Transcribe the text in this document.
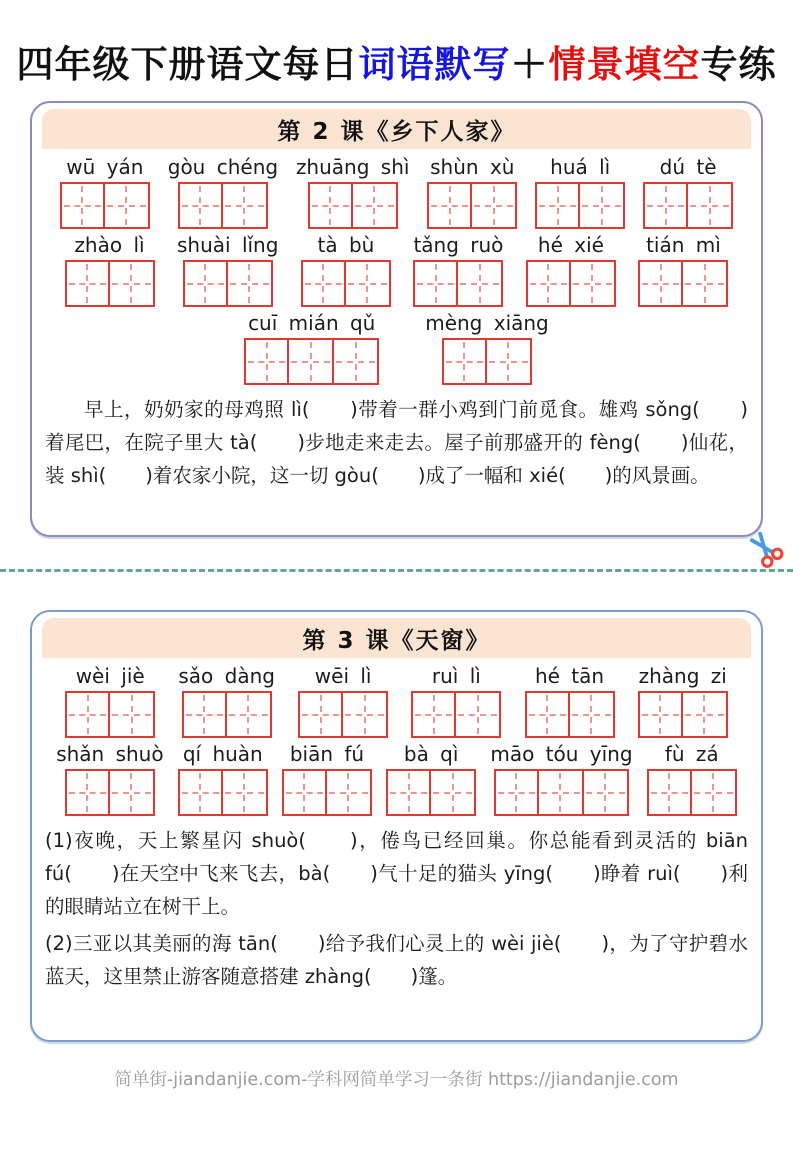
四年级下册语文每日词语默写＋情景填空专练
第 2 课《乡下人家》
wū yán gòu chéng zhuāng shì shùn xù huá lì dú tè
zhào lì shuài lǐng tà bù tǎng ruò hé xié tián mì
cuī mián qǔ mèng xiāng

早上，奶奶家的母鸡照 lì(　　)带着一群小鸡到门前觅食。雄鸡 sǒng(　　)着尾巴，在院子里大 tà(　　)步地走来走去。屋子前那盛开的 fèng(　　)仙花，装 shì(　　)着农家小院，这一切 gòu(　　)成了一幅和 xié(　　)的风景画。

第 3 课《天窗》
wèi jiè sǎo dàng wēi lì	ruì lì	hé tān zhàng zi
shǎn shuò qí huàn biān fú bà qì māo tóu yīng fù zá

(1)夜晚，天上繁星闪 shuò(　　)，倦鸟已经回巢。你总能看到灵活的 biān fú(　　)在天空中飞来飞去，bà(　　)气十足的猫头 yīng(　　)睁着 ruì(　　)利的眼睛站立在树干上。

(2)三亚以其美丽的海 tān(　　)给予我们心灵上的 wèi jiè(　　)，为了守护碧水蓝天，这里禁止游客随意搭建 zhàng(　　)篷。

简单街-jiandanjie.com-学科网简单学习一条街 https://jiandanjie.com
